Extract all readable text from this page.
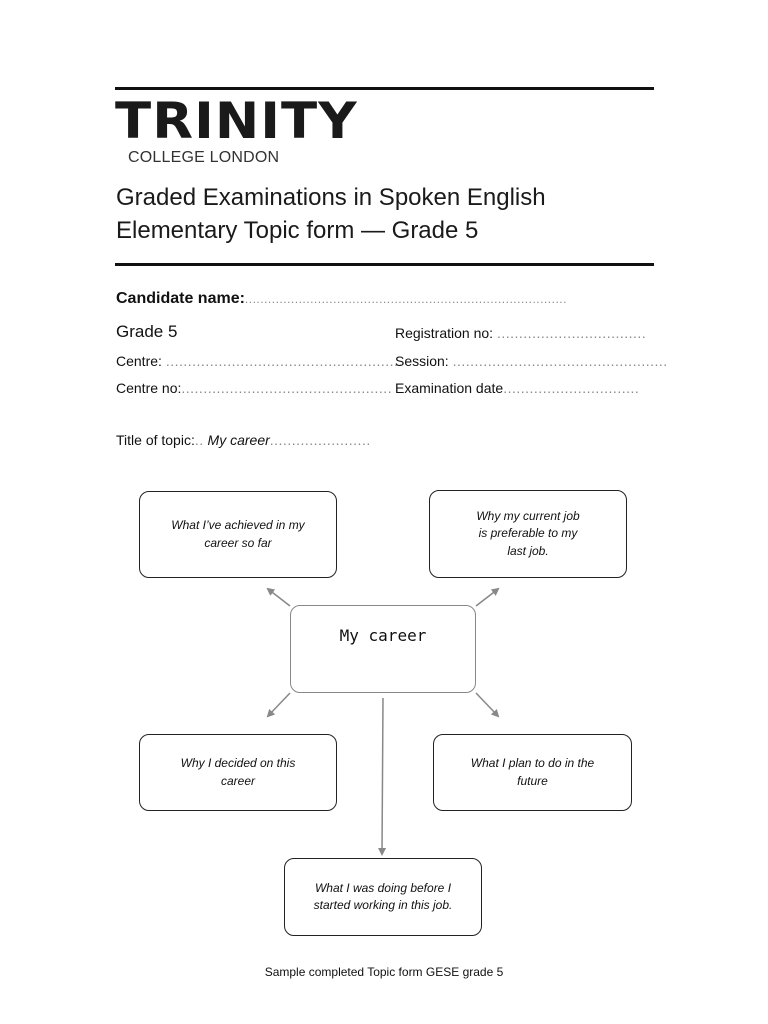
TRINITY
COLLEGE LONDON
Graded Examinations in Spoken English
Elementary Topic form — Grade 5
Candidate name:....................................................................................
Grade 5	Registration no: ..................................
Centre: ......................................................
Session: .................................................
Centre no:................................................ Examination date...............................
Title of topic:.. My career.......................
What I’ve achieved in my
career so far
Why my current job
is preferable to my
last job.
My career
Why I decided on this
career
What I plan to do in the
future
What I was doing before I
started working in this job.
Sample completed Topic form GESE grade 5
